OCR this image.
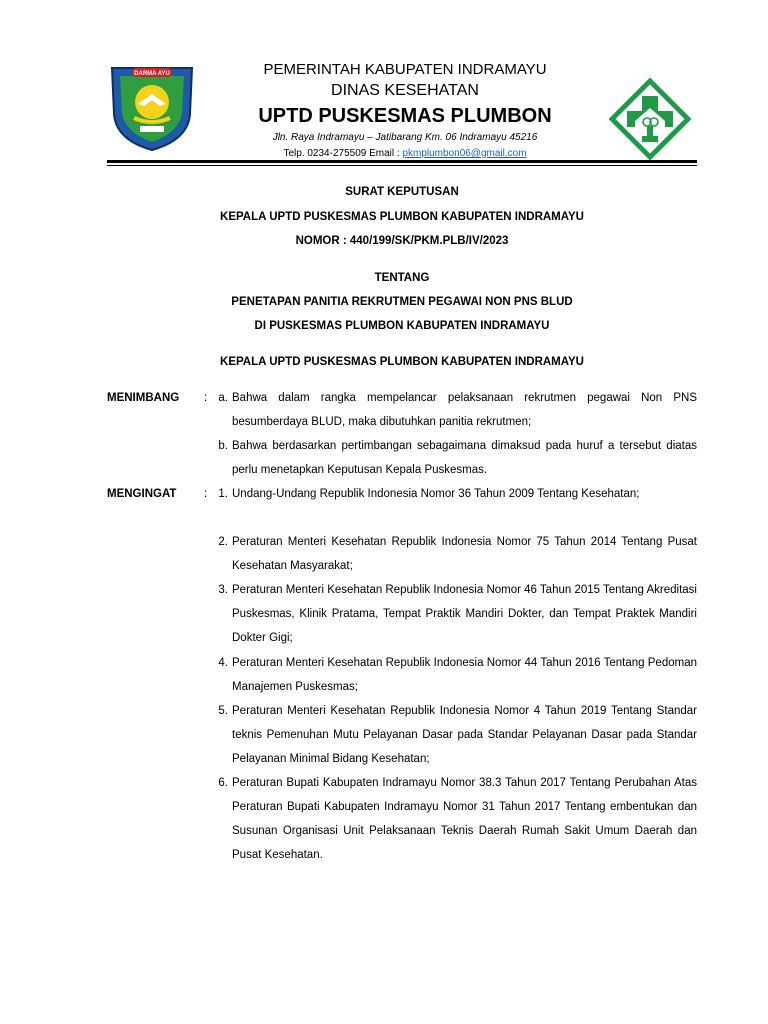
DARMA AYU	PEMERINTAH KABUPATEN INDRAMAYU
DINAS KESEHATAN
UPTD PUSKESMAS PLUMBON
Jln. Raya Indramayu – Jatibarang Km. 06 Indramayu 45216
Telp. 0234-275509 Email : pkmplumbon06@gmail.com
SURAT KEPUTUSAN
KEPALA UPTD PUSKESMAS PLUMBON KABUPATEN INDRAMAYU
NOMOR : 440/199/SK/PKM.PLB/IV/2023
TENTANG
PENETAPAN PANITIA REKRUTMEN PEGAWAI NON PNS BLUD
DI PUSKESMAS PLUMBON KABUPATEN INDRAMAYU
KEPALA UPTD PUSKESMAS PLUMBON KABUPATEN INDRAMAYU
MENIMBANG : a. Bahwa dalam rangka mempelancar pelaksanaan rekrutmen pegawai Non PNS besumberdaya BLUD, maka dibutuhkan panitia rekrutmen;
b. Bahwa berdasarkan pertimbangan sebagaimana dimaksud pada huruf a tersebut diatas perlu menetapkan Keputusan Kepala Puskesmas.
MENGINGAT : 1. Undang-Undang Republik Indonesia Nomor 36 Tahun 2009 Tentang Kesehatan;
2. Peraturan Menteri Kesehatan Republik Indonesia Nomor 75 Tahun 2014 Tentang Pusat Kesehatan Masyarakat;
3. Peraturan Menteri Kesehatan Republik Indonesia Nomor 46 Tahun 2015 Tentang Akreditasi Puskesmas, Klinik Pratama, Tempat Praktik Mandiri Dokter, dan Tempat Praktek Mandiri Dokter Gigi;
4. Peraturan Menteri Kesehatan Republik Indonesia Nomor 44 Tahun 2016 Tentang Pedoman Manajemen Puskesmas;
5. Peraturan Menteri Kesehatan Republik Indonesia Nomor 4 Tahun 2019 Tentang Standar teknis Pemenuhan Mutu Pelayanan Dasar pada Standar Pelayanan Dasar pada Standar Pelayanan Minimal Bidang Kesehatan;
6. Peraturan Bupati Kabupaten Indramayu Nomor 38.3 Tahun 2017 Tentang Perubahan Atas Peraturan Bupati Kabupaten Indramayu Nomor 31 Tahun 2017 Tentang embentukan dan Susunan Organisasi Unit Pelaksanaan Teknis Daerah Rumah Sakit Umum Daerah dan Pusat Kesehatan.
